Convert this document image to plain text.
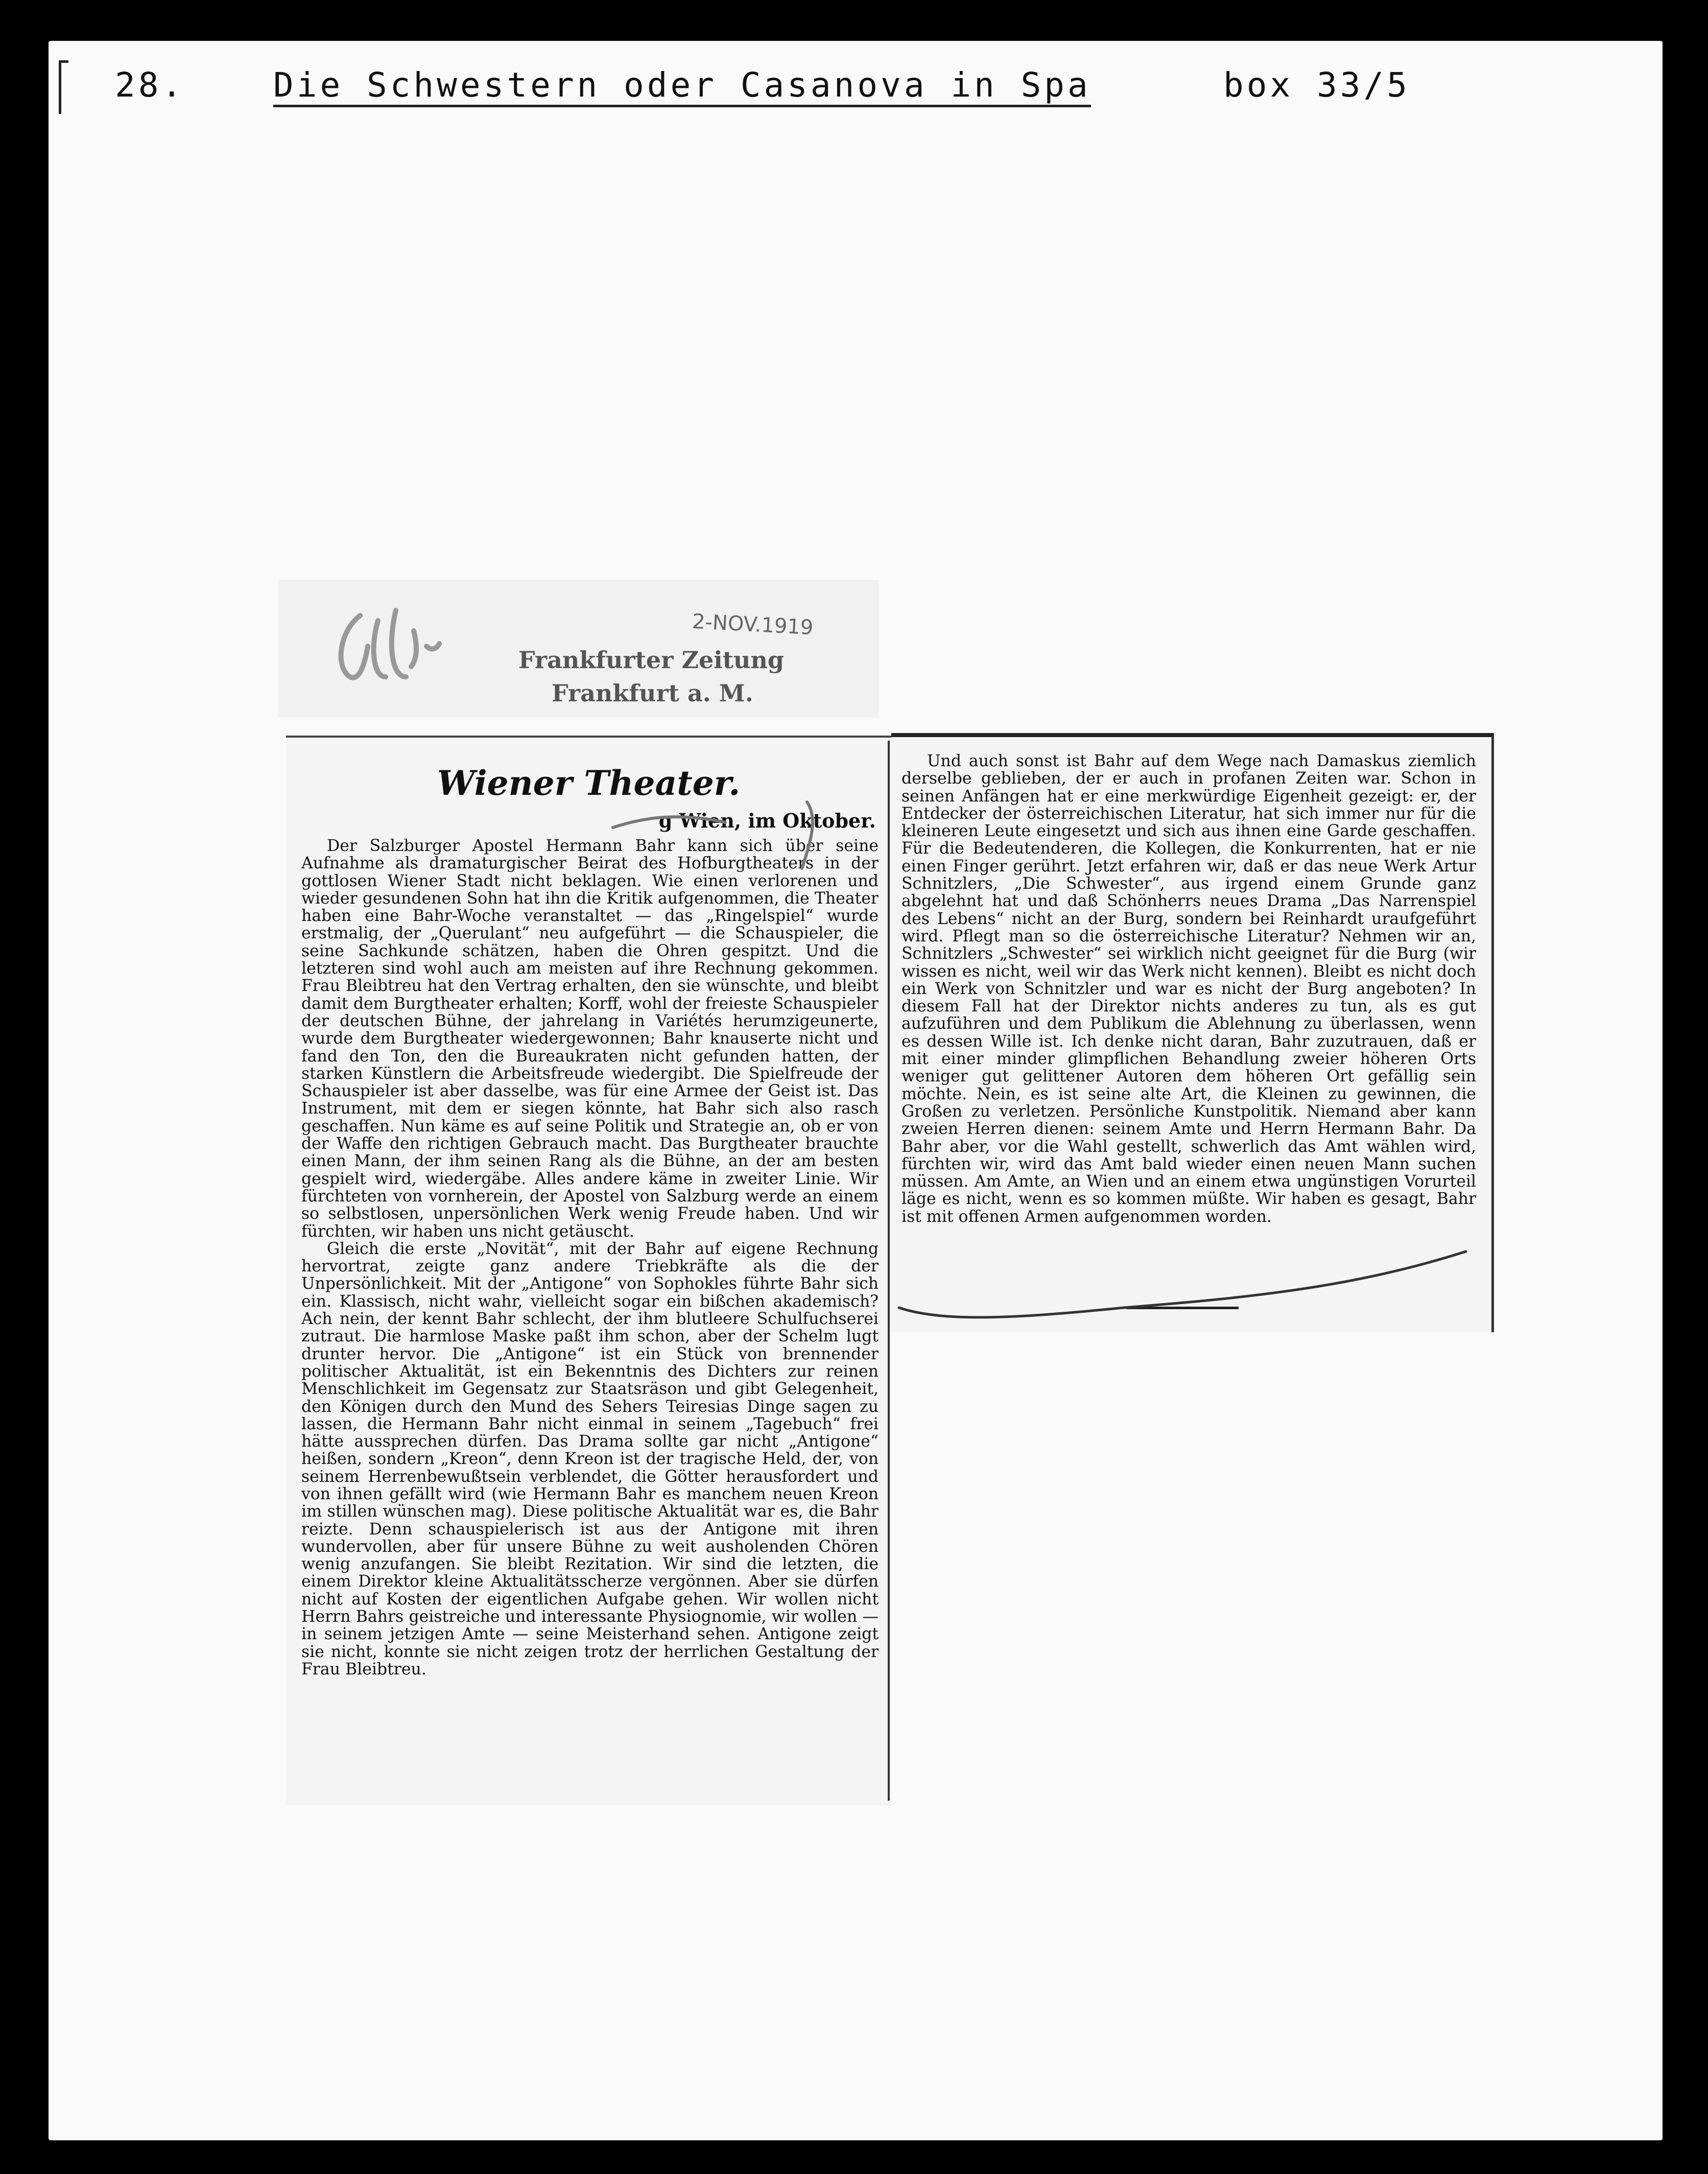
28.	Die Schwestern oder Casanova in Spa	box 33/5
2-NOV.1919
Frankfurter Zeitung
Frankfurt a. M.
Wiener Theater.
g Wien, im Oktober.

Der Salzburger Apostel Hermann Bahr kann sich über seine Aufnahme als dramaturgischer Beirat des Hofburgtheaters in der gottlosen Wiener Stadt nicht beklagen. Wie einen verlorenen und wieder gesundenen Sohn hat ihn die Kritik aufgenommen, die Theater haben eine Bahr-Woche veranstaltet — das „Ringelspiel“ wurde erstmalig, der „Querulant“ neu aufgeführt — die Schauspieler, die seine Sachkunde schätzen, haben die Ohren gespitzt. Und die letzteren sind wohl auch am meisten auf ihre Rechnung gekommen. Frau Bleibtreu hat den Vertrag erhalten, den sie wünschte, und bleibt damit dem Burgtheater erhalten; Korff, wohl der freieste Schauspieler der deutschen Bühne, der jahrelang in Variétés herumzigeunerte, wurde dem Burgtheater wiedergewonnen; Bahr knauserte nicht und fand den Ton, den die Bureaukraten nicht gefunden hatten, der starken Künstlern die Arbeitsfreude wiedergibt. Die Spielfreude der Schauspieler ist aber dasselbe, was für eine Armee der Geist ist. Das Instrument, mit dem er siegen könnte, hat Bahr sich also rasch geschaffen. Nun käme es auf seine Politik und Strategie an, ob er von der Waffe den richtigen Gebrauch macht. Das Burgtheater brauchte einen Mann, der ihm seinen Rang als die Bühne, an der am besten gespielt wird, wiedergäbe. Alles andere käme in zweiter Linie. Wir fürchteten von vornherein, der Apostel von Salzburg werde an einem so selbstlosen, unpersönlichen Werk wenig Freude haben. Und wir fürchten, wir haben uns nicht getäuscht.

Gleich die erste „Novität“, mit der Bahr auf eigene Rechnung hervortrat, zeigte ganz andere Triebkräfte als die der Unpersönlichkeit. Mit der „Antigone“ von Sophokles führte Bahr sich ein. Klassisch, nicht wahr, vielleicht sogar ein bißchen akademisch? Ach nein, der kennt Bahr schlecht, der ihm blutleere Schulfuchserei zutraut. Die harmlose Maske paßt ihm schon, aber der Schelm lugt drunter hervor. Die „Antigone“ ist ein Stück von brennender politischer Aktualität, ist ein Bekenntnis des Dichters zur reinen Menschlichkeit im Gegensatz zur Staatsräson und gibt Gelegenheit, den Königen durch den Mund des Sehers Teiresias Dinge sagen zu lassen, die Hermann Bahr nicht einmal in seinem „Tagebuch“ frei hätte aussprechen dürfen. Das Drama sollte gar nicht „Antigone“ heißen, sondern „Kreon“, denn Kreon ist der tragische Held, der, von seinem Herrenbewußtsein verblendet, die Götter herausfordert und von ihnen gefällt wird (wie Hermann Bahr es manchem neuen Kreon im stillen wünschen mag). Diese politische Aktualität war es, die Bahr reizte. Denn schauspielerisch ist aus der Antigone mit ihren wundervollen, aber für unsere Bühne zu weit ausholenden Chören wenig anzufangen. Sie bleibt Rezitation. Wir sind die letzten, die einem Direktor kleine Aktualitätsscherze vergönnen. Aber sie dürfen nicht auf Kosten der eigentlichen Aufgabe gehen. Wir wollen nicht Herrn Bahrs geistreiche und interessante Physiognomie, wir wollen — in seinem jetzigen Amte — seine Meisterhand sehen. Antigone zeigt sie nicht, konnte sie nicht zeigen trotz der herrlichen Gestaltung der Frau Bleibtreu.

Und auch sonst ist Bahr auf dem Wege nach Damaskus ziemlich derselbe geblieben, der er auch in profanen Zeiten war. Schon in seinen Anfängen hat er eine merkwürdige Eigenheit gezeigt: er, der Entdecker der österreichischen Literatur, hat sich immer nur für die kleineren Leute eingesetzt und sich aus ihnen eine Garde geschaffen. Für die Bedeutenderen, die Kollegen, die Konkurrenten, hat er nie einen Finger gerührt. Jetzt erfahren wir, daß er das neue Werk Artur Schnitzlers, „Die Schwester“, aus irgend einem Grunde ganz abgelehnt hat und daß Schönherrs neues Drama „Das Narrenspiel des Lebens“ nicht an der Burg, sondern bei Reinhardt uraufgeführt wird. Pflegt man so die österreichische Literatur? Nehmen wir an, Schnitzlers „Schwester“ sei wirklich nicht geeignet für die Burg (wir wissen es nicht, weil wir das Werk nicht kennen). Bleibt es nicht doch ein Werk von Schnitzler und war es nicht der Burg angeboten? In diesem Fall hat der Direktor nichts anderes zu tun, als es gut aufzuführen und dem Publikum die Ablehnung zu überlassen, wenn es dessen Wille ist. Ich denke nicht daran, Bahr zuzutrauen, daß er mit einer minder glimpflichen Behandlung zweier höheren Orts weniger gut gelittener Autoren dem höheren Ort gefällig sein möchte. Nein, es ist seine alte Art, die Kleinen zu gewinnen, die Großen zu verletzen. Persönliche Kunstpolitik. Niemand aber kann zweien Herren dienen: seinem Amte und Herrn Hermann Bahr. Da Bahr aber, vor die Wahl gestellt, schwerlich das Amt wählen wird, fürchten wir, wird das Amt bald wieder einen neuen Mann suchen müssen. Am Amte, an Wien und an einem etwa ungünstigen Vorurteil läge es nicht, wenn es so kommen müßte. Wir haben es gesagt, Bahr ist mit offenen Armen aufgenommen worden.
